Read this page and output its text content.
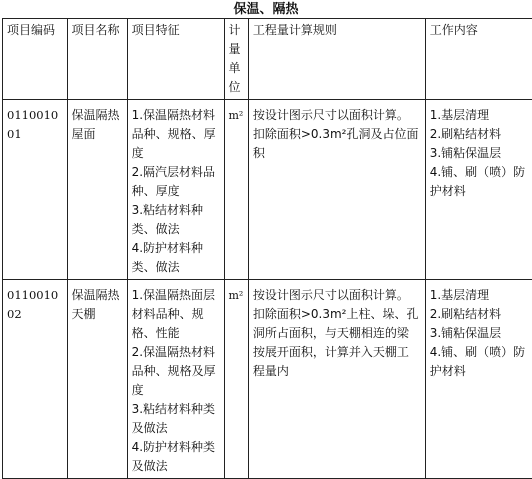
保温、隔热
项目编码	项目名称	项目特征	计量单位	工程量计算规则	工作内容
011001001	保温隔热屋面	1.保温隔热材料品种、规格、厚度
2.隔汽层材料品种、厚度
3.粘结材料种类、做法
4.防护材料种类、做法	m²	按设计图示尺寸以面积计算。扣除面积>0.3m²孔洞及占位面积	1.基层清理
2.刷粘结材料
3.铺粘保温层
4.铺、刷（喷）防护材料

011001002	保温隔热天棚	1.保温隔热面层材料品种、规格、性能
2.保温隔热材料品种、规格及厚度
3.粘结材料种类及做法
4.防护材料种类及做法	m²	按设计图示尺寸以面积计算。扣除面积>0.3m²上柱、垛、孔洞所占面积，与天棚相连的梁按展开面积，计算并入天棚工程量内	1.基层清理
2.刷粘结材料
3.铺粘保温层
4.铺、刷（喷）防护材料
